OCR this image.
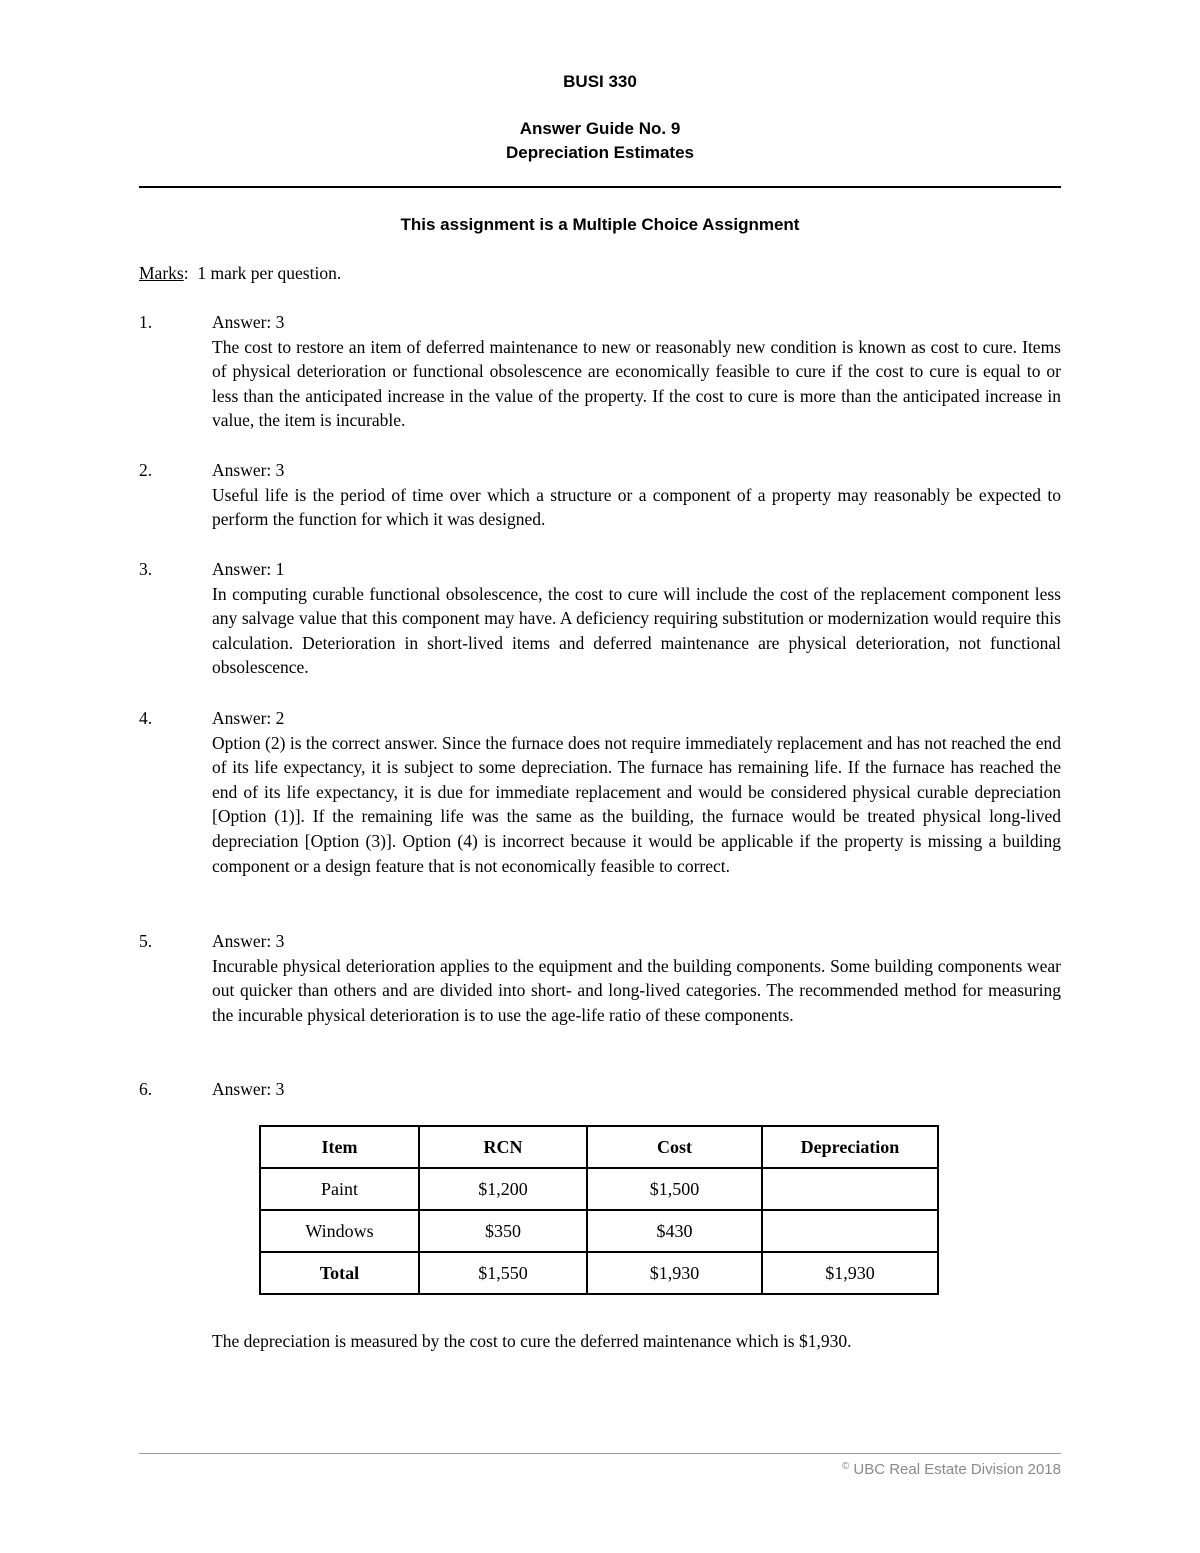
BUSI 330
Answer Guide No. 9
Depreciation Estimates
This assignment is a Multiple Choice Assignment
Marks: 1 mark per question.
1.	Answer: 3
The cost to restore an item of deferred maintenance to new or reasonably new condition is known as cost to cure. Items of physical deterioration or functional obsolescence are economically feasible to cure if the cost to cure is equal to or less than the anticipated increase in the value of the property. If the cost to cure is more than the anticipated increase in value, the item is incurable.
2.	Answer: 3
Useful life is the period of time over which a structure or a component of a property may reasonably be expected to perform the function for which it was designed.
3.	Answer: 1
In computing curable functional obsolescence, the cost to cure will include the cost of the replacement component less any salvage value that this component may have. A deficiency requiring substitution or modernization would require this calculation. Deterioration in short-lived items and deferred maintenance are physical deterioration, not functional obsolescence.
4.	Answer: 2
Option (2) is the correct answer. Since the furnace does not require immediately replacement and has not reached the end of its life expectancy, it is subject to some depreciation. The furnace has remaining life. If the furnace has reached the end of its life expectancy, it is due for immediate replacement and would be considered physical curable depreciation [Option (1)]. If the remaining life was the same as the building, the furnace would be treated physical long-lived depreciation [Option (3)]. Option (4) is incorrect because it would be applicable if the property is missing a building component or a design feature that is not economically feasible to correct.
5.	Answer: 3
Incurable physical deterioration applies to the equipment and the building components. Some building components wear out quicker than others and are divided into short- and long-lived categories. The recommended method for measuring the incurable physical deterioration is to use the age-life ratio of these components.
6.	Answer: 3
Item	RCN	Cost	Depreciation
Paint	$1,200	$1,500	
Windows	$350	$430	
Total	$1,550	$1,930	$1,930
The depreciation is measured by the cost to cure the deferred maintenance which is $1,930.
© UBC Real Estate Division 2018
